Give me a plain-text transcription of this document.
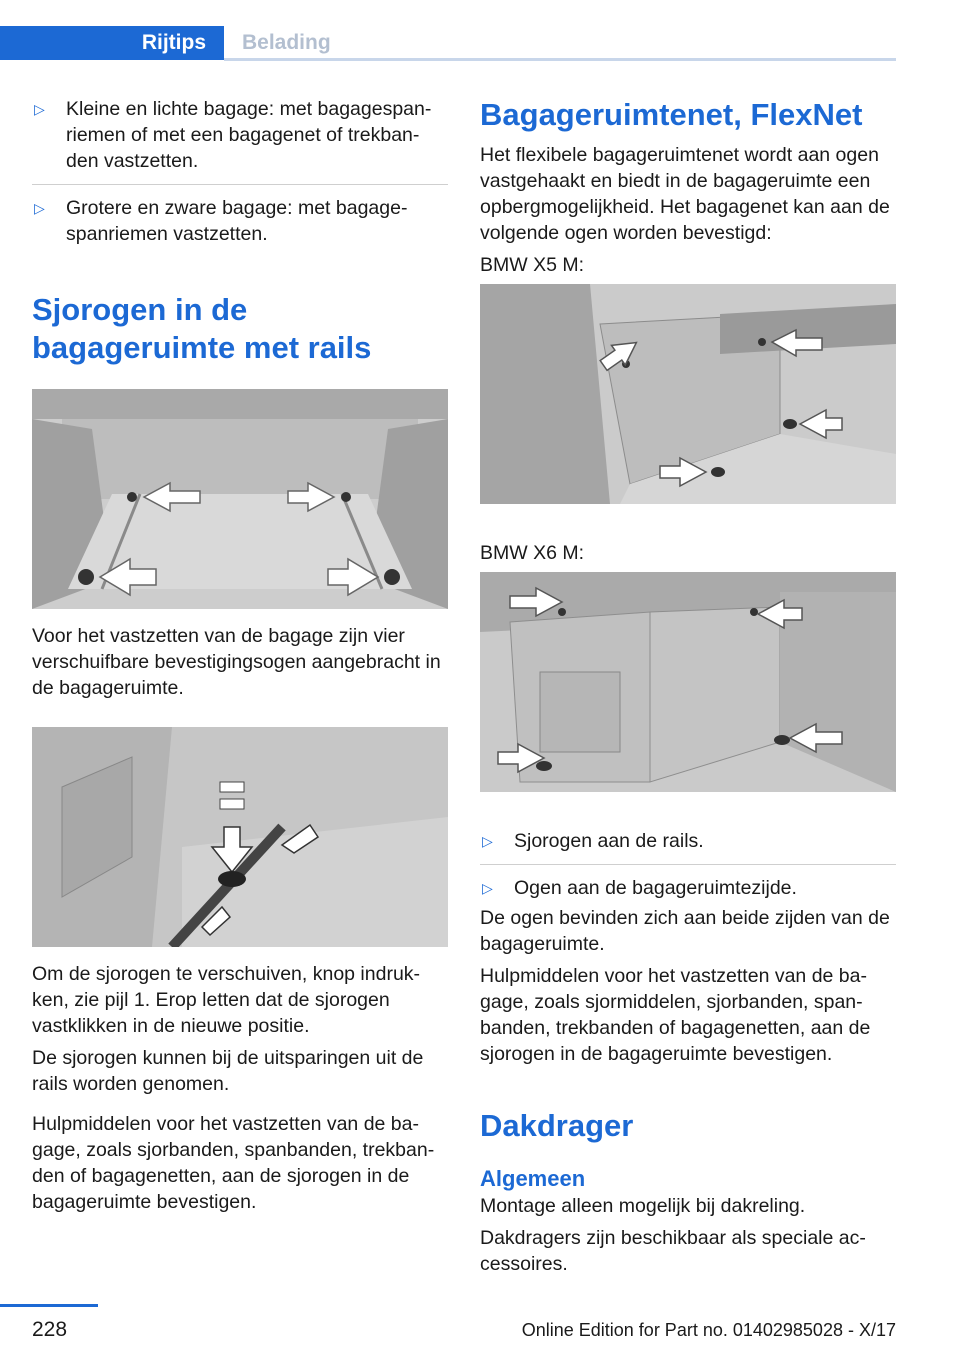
Rijtips	Belading
▷ Kleine en lichte bagage: met bagagespan-riemen of met een bagagenet of trekban-den vastzetten.
▷ Grotere en zware bagage: met bagage-spanriemen vastzetten.
Sjorogen in de bagageruimte met rails
Voor het vastzetten van de bagage zijn vier verschuifbare bevestigingsogen aangebracht in de bagageruimte.
Om de sjorogen te verschuiven, knop indruk-ken, zie pijl 1. Erop letten dat de sjorogen vastklikken in de nieuwe positie.
De sjorogen kunnen bij de uitsparingen uit de rails worden genomen.
Hulpmiddelen voor het vastzetten van de ba-gage, zoals sjorbanden, spanbanden, trekban-den of bagagenetten, aan de sjorogen in de bagageruimte bevestigen.
Bagageruimtenet, FlexNet
Het flexibele bagageruimtenet wordt aan ogen vastgehaakt en biedt in de bagageruimte een opbergmogelijkheid. Het bagagenet kan aan de volgende ogen worden bevestigd:
BMW X5 M:
BMW X6 M:
▷ Sjorogen aan de rails.
▷ Ogen aan de bagageruimtezijde.
De ogen bevinden zich aan beide zijden van de bagageruimte.
Hulpmiddelen voor het vastzetten van de ba-gage, zoals sjormiddelen, sjorbanden, span-banden, trekbanden of bagagenetten, aan de sjorogen in de bagageruimte bevestigen.
Dakdrager
Algemeen
Montage alleen mogelijk bij dakreling.
Dakdragers zijn beschikbaar als speciale ac-cessoires.
228	Online Edition for Part no. 01402985028 - X/17
